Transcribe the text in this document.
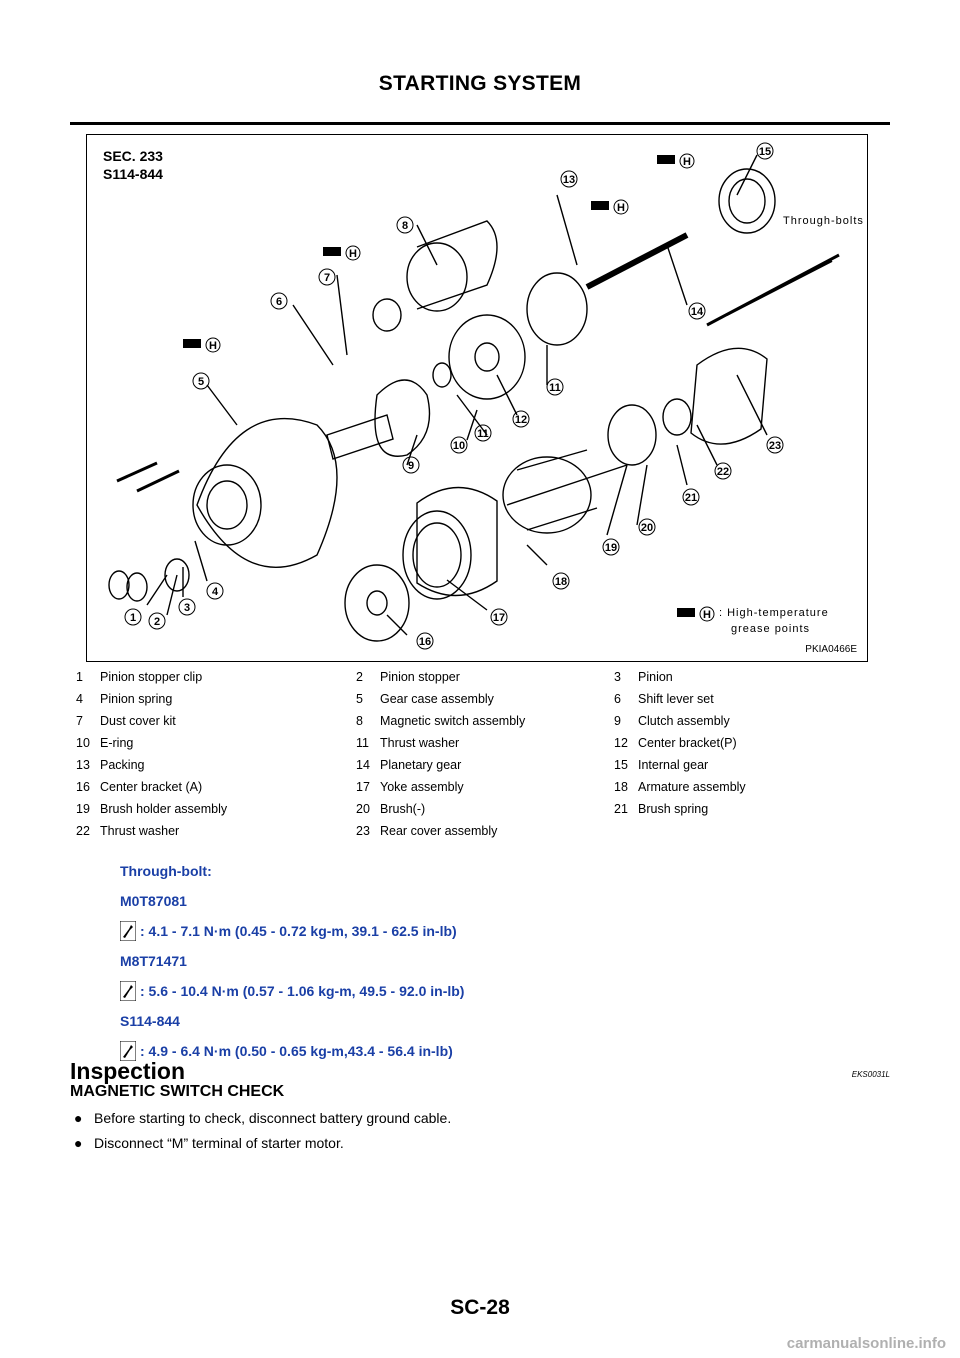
STARTING SYSTEM
1 2
3
4
5
6
7
8
9
10
11
11
12
13
14
15
16
17
18
19
20
21
22
23
H
H
H
H
H
SEC. 233
S114-844
Through-bolts
: High-temperature
grease points
PKIA0466E
1	Pinion stopper clip	2	Pinion stopper	3	Pinion
4	Pinion spring	5	Gear case assembly	6	Shift lever set
7	Dust cover kit	8	Magnetic switch assembly	9	Clutch assembly
10 E-ring	11 Thrust washer	12 Center bracket(P)
13 Packing	14 Planetary gear	15 Internal gear
16 Center bracket (A)	17 Yoke assembly	18 Armature assembly
19 Brush holder assembly	20 Brush(-)	21 Brush spring
22 Thrust washer	23 Rear cover assembly
Through-bolt:
M0T87081
: 4.1 - 7.1 N·m (0.45 - 0.72 kg-m, 39.1 - 62.5 in-lb)
M8T71471
: 5.6 - 10.4 N·m (0.57 - 1.06 kg-m, 49.5 - 92.0 in-lb)
S114-844
: 4.9 - 6.4 N·m (0.50 - 0.65 kg-m,43.4 - 56.4 in-lb)
Inspection	EKS0031L
MAGNETIC SWITCH CHECK
● Before starting to check, disconnect battery ground cable.
● Disconnect “M” terminal of starter motor.
SC-28
carmanualsonline.info
